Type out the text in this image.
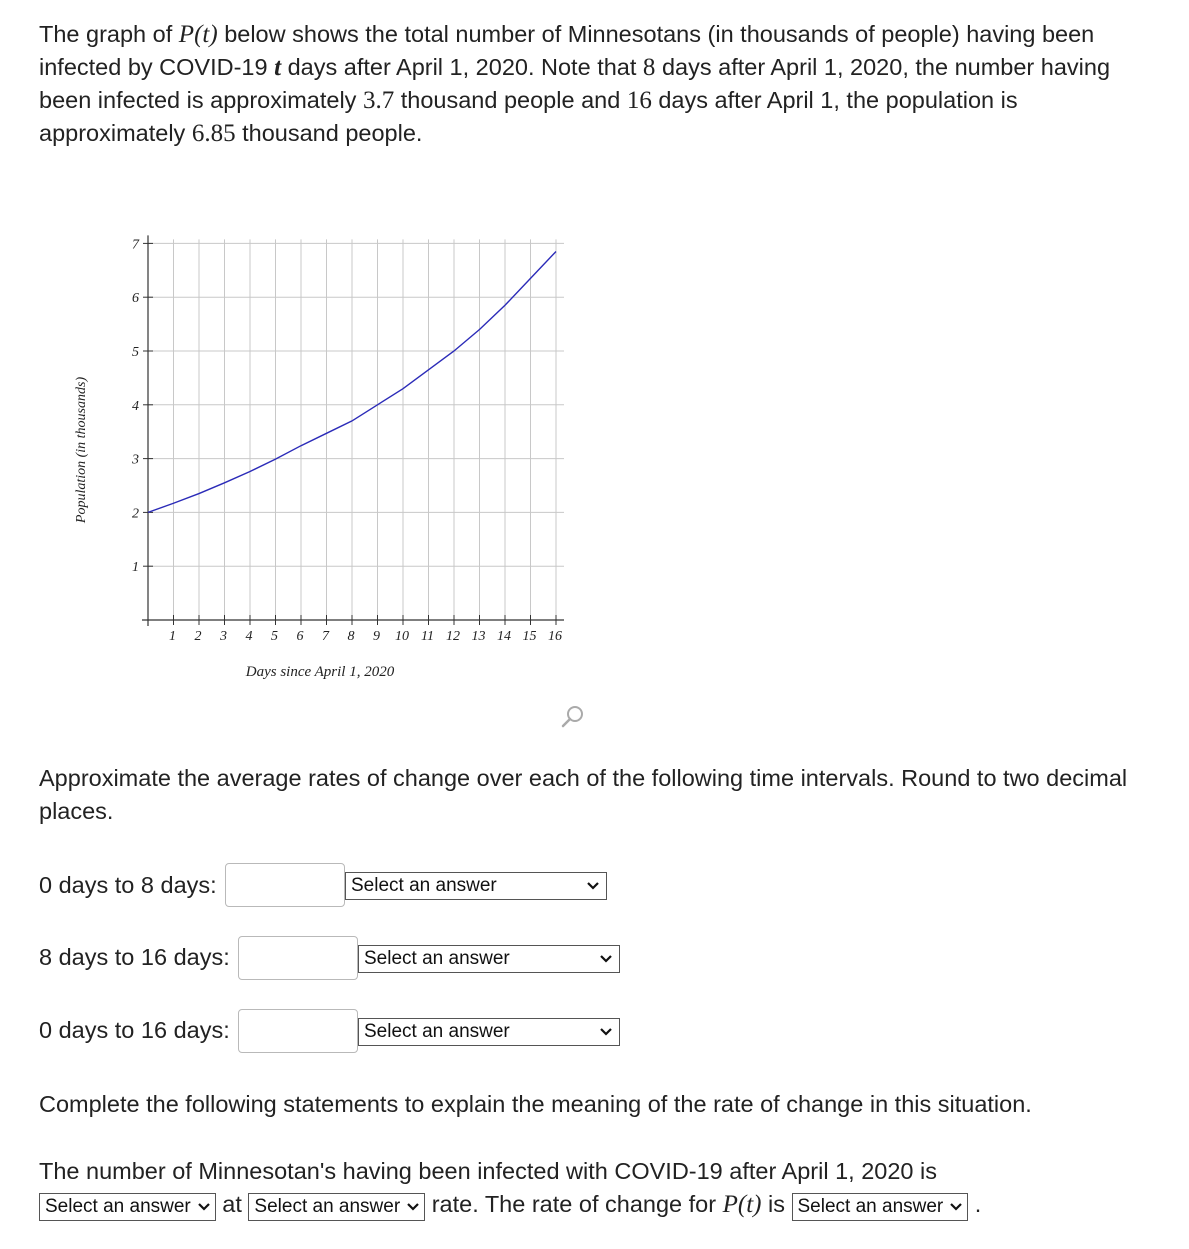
The graph of P(t) below shows the total number of Minnesotans (in thousands of people) having been infected by COVID-19 t days after April 1, 2020. Note that 8 days after April 1, 2020, the number having been infected is approximately 3.7 thousand people and 16 days after April 1, the population is approximately 6.85 thousand people.
1 2 3 4 5 6 7 8 9 10 11 12 13 14 15 16
1
2
3
4
5
6
7
Days since April 1, 2020
Population (in thousands)
Approximate the average rates of change over each of the following time intervals. Round to two decimal places.
0 days to 8 days:	Select an answer
8 days to 16 days:	Select an answer
0 days to 16 days:	Select an answer
Complete the following statements to explain the meaning of the rate of change in this situation.
The number of Minnesotan's having been infected with COVID-19 after April 1, 2020 is
Select an answer
at Select an answer
rate. The rate of change for P(t) is Select an answer
.
